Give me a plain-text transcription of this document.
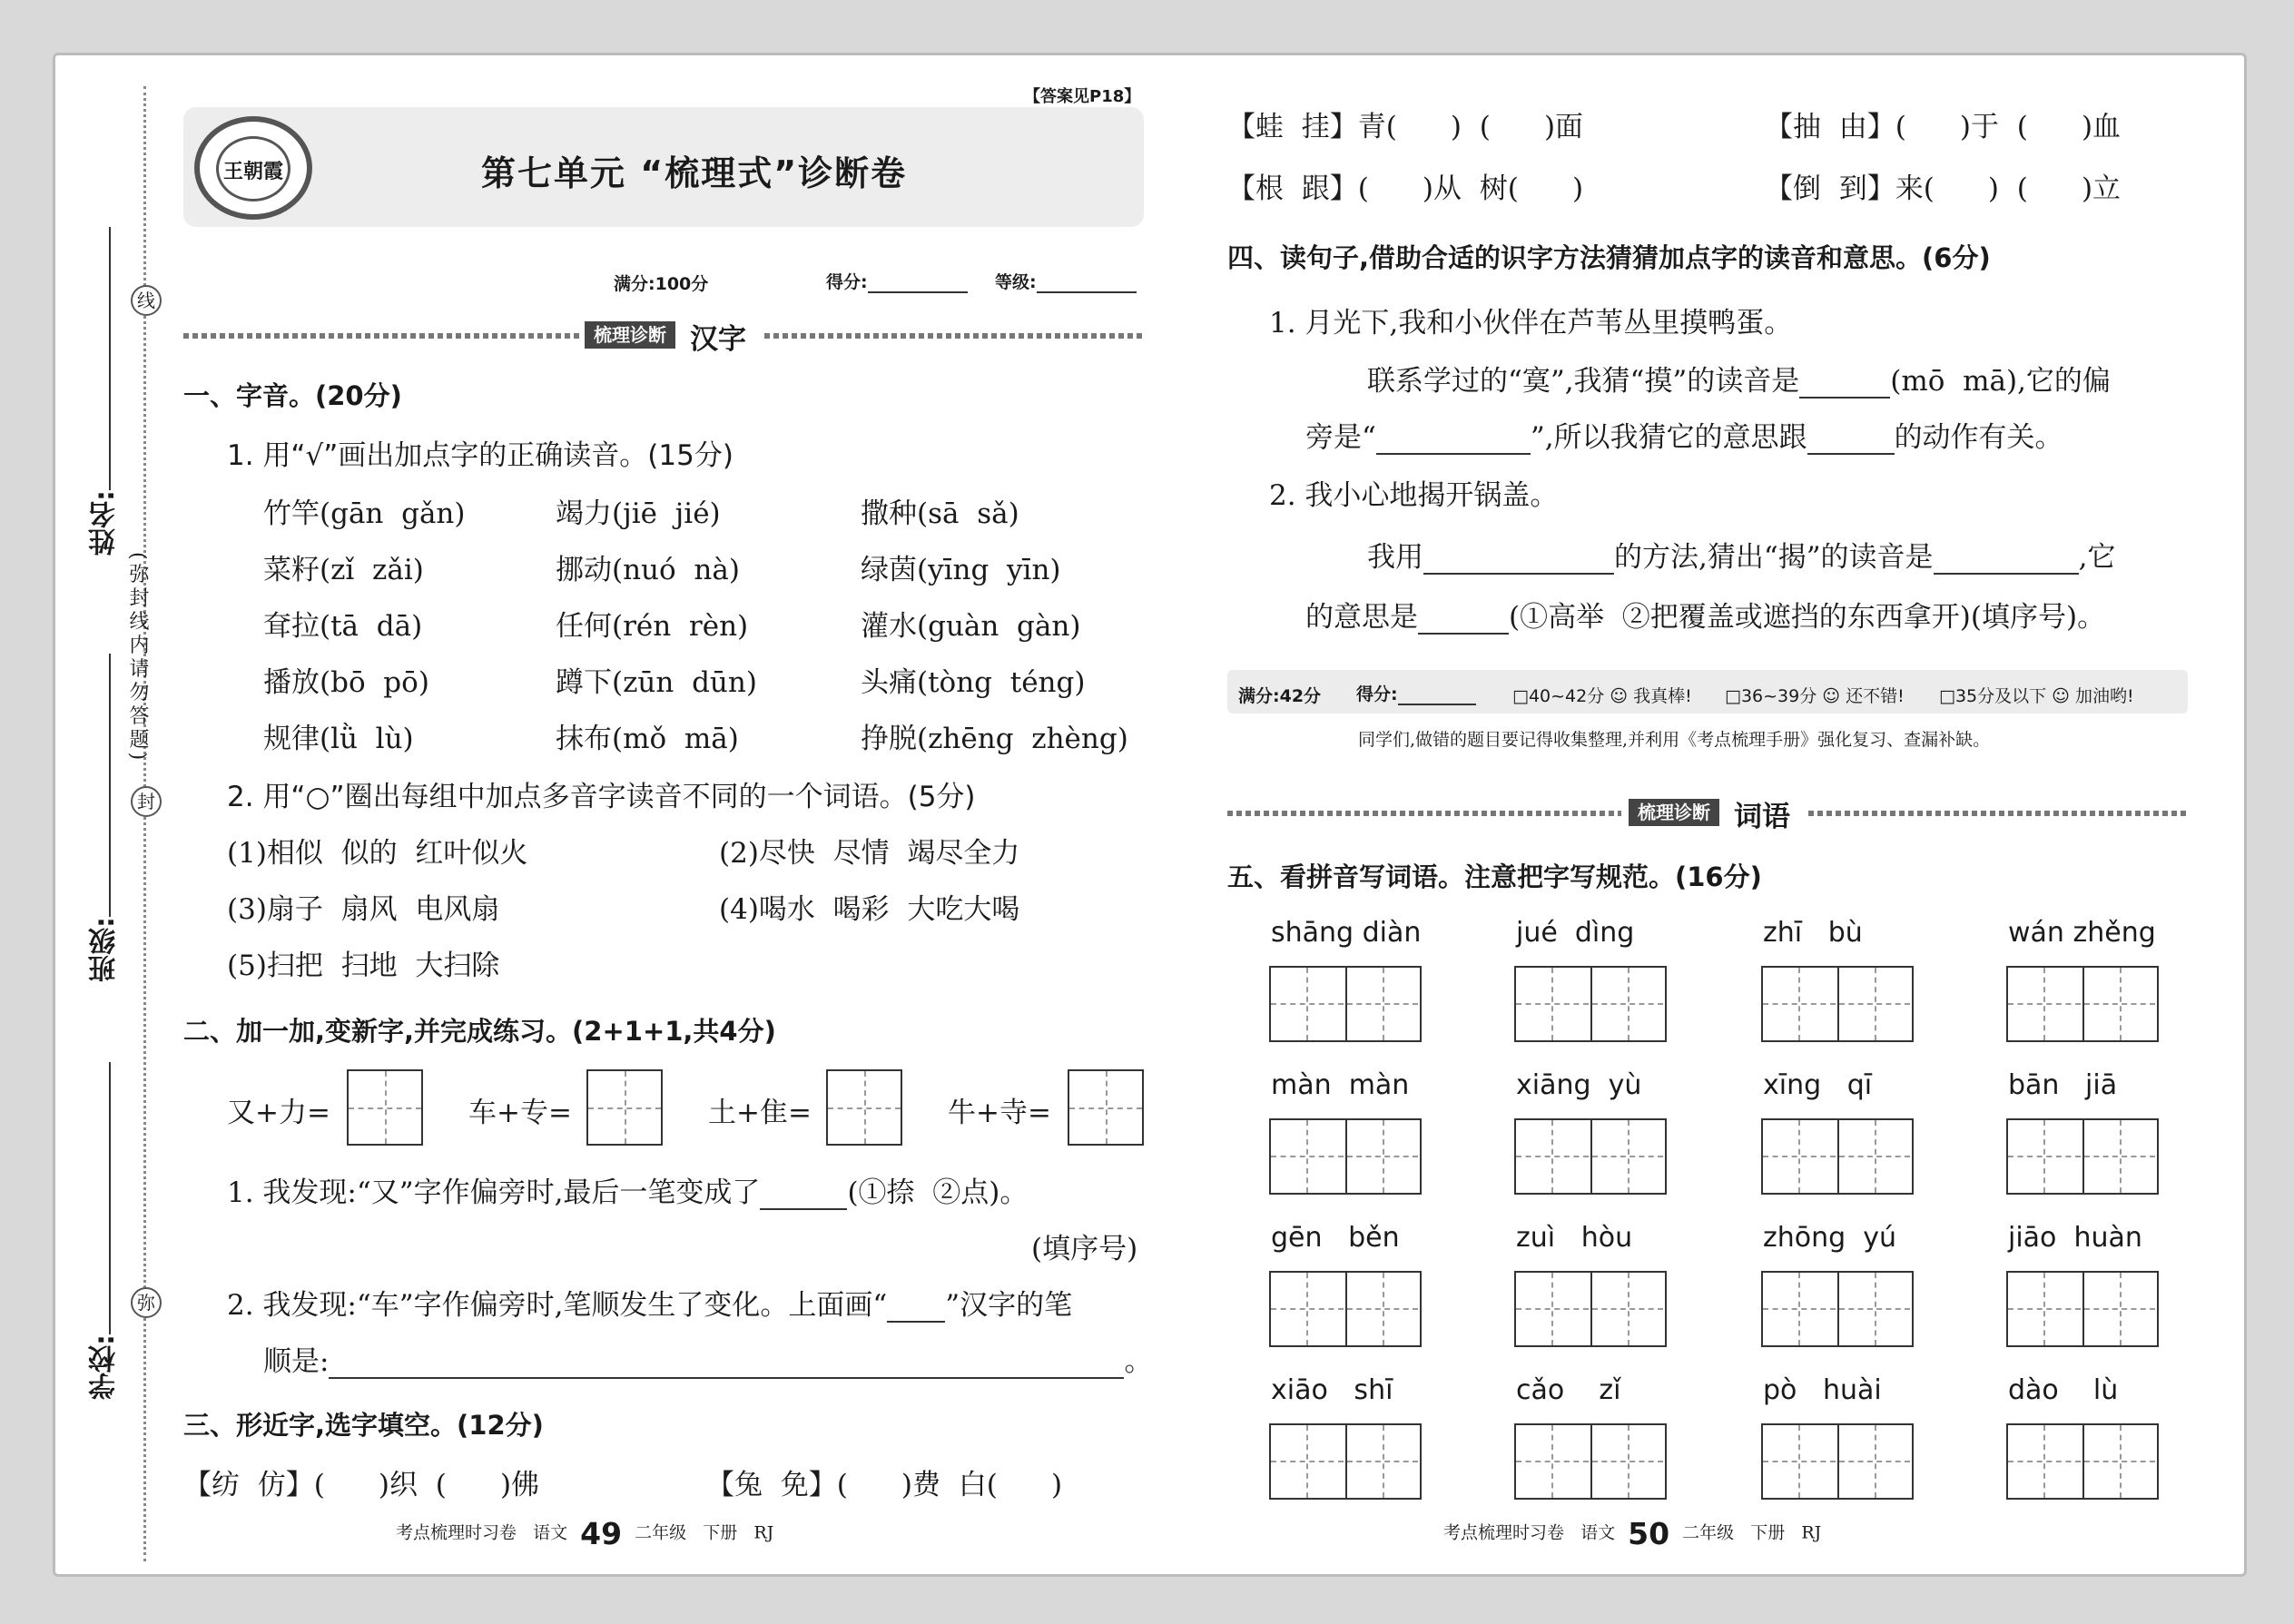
姓名:
班级:
学校:
(弥封线内请勿答题)
线
封
弥
【答案见P18】
王朝霞	第七单元 “梳理式”诊断卷
满分:100分	得分:	等级:
梳理诊断 汉字
一、字音。(20分)
1. 用“√”画出加点字的正确读音。(15分)
竹竿(gān  gǎn)	竭力(jiē  jié)	撒种(sā  sǎ)
菜籽(zǐ  zǎi)	挪动(nuó  nà)	绿茵(yīng  yīn)
耷拉(tā  dā)	任何(rén  rèn)	灌水(guàn  gàn)
播放(bō  pō)	蹲下(zūn  dūn)	头痛(tòng  téng)
规律(lǜ  lù)	抹布(mǒ  mā)	挣脱(zhēng  zhèng)
2. 用“○”圈出每组中加点多音字读音不同的一个词语。(5分)
(1)相似  似的  红叶似火	(2)尽快  尽情  竭尽全力
(3)扇子  扇风  电风扇	(4)喝水  喝彩  大吃大喝
(5)扫把  扫地  大扫除
二、加一加,变新字,并完成练习。(2+1+1,共4分)
又+力=	车+专=	土+隹=	牛+寺=
1. 我发现:“又”字作偏旁时,最后一笔变成了	(①捺  ②点)。
(填序号)
2. 我发现:“车”字作偏旁时,笔顺发生了变化。上面画“ ”汉字的笔
顺是:	。
三、形近字,选字填空。(12分)
【纺  仿】(      )织  (      )佛	【兔  免】(      )费  白(      )
考点梳理时习卷 语文 49 二年级 下册 RJ
【蛙  挂】青(      )  (      )面	【抽  由】(      )于  (      )血
【根  跟】(      )从  树(      )	【倒  到】来(      )  (      )立
四、读句子,借助合适的识字方法猜猜加点字的读音和意思。(6分)
1. 月光下,我和小伙伴在芦苇丛里摸鸭蛋。
联系学过的“寞”,我猜“摸”的读音是	(mō  mā),它的偏
旁是“	”,所以我猜它的意思跟	的动作有关。
2. 我小心地揭开锅盖。
我用	的方法,猜出“揭”的读音是	,它
的意思是	(①高举  ②把覆盖或遮挡的东西拿开)(填序号)。
满分:42分 得分:	□40~42分 ☺ 我真棒! □36~39分 ☺ 还不错! □35分及以下 ☺ 加油哟!
同学们,做错的题目要记得收集整理,并利用《考点梳理手册》强化复习、查漏补缺。
梳理诊断 词语
五、看拼音写词语。注意把字写规范。(16分)
shāng diàn	jué  dìng	zhī   bù	wán zhěng
màn  màn	xiāng  yù	xīng   qī	bān   jiā
gēn   běn	zuì   hòu	zhōng  yú	jiāo  huàn
xiāo   shī	cǎo    zǐ	pò   huài	dào    lù
考点梳理时习卷 语文 50 二年级 下册 RJ
